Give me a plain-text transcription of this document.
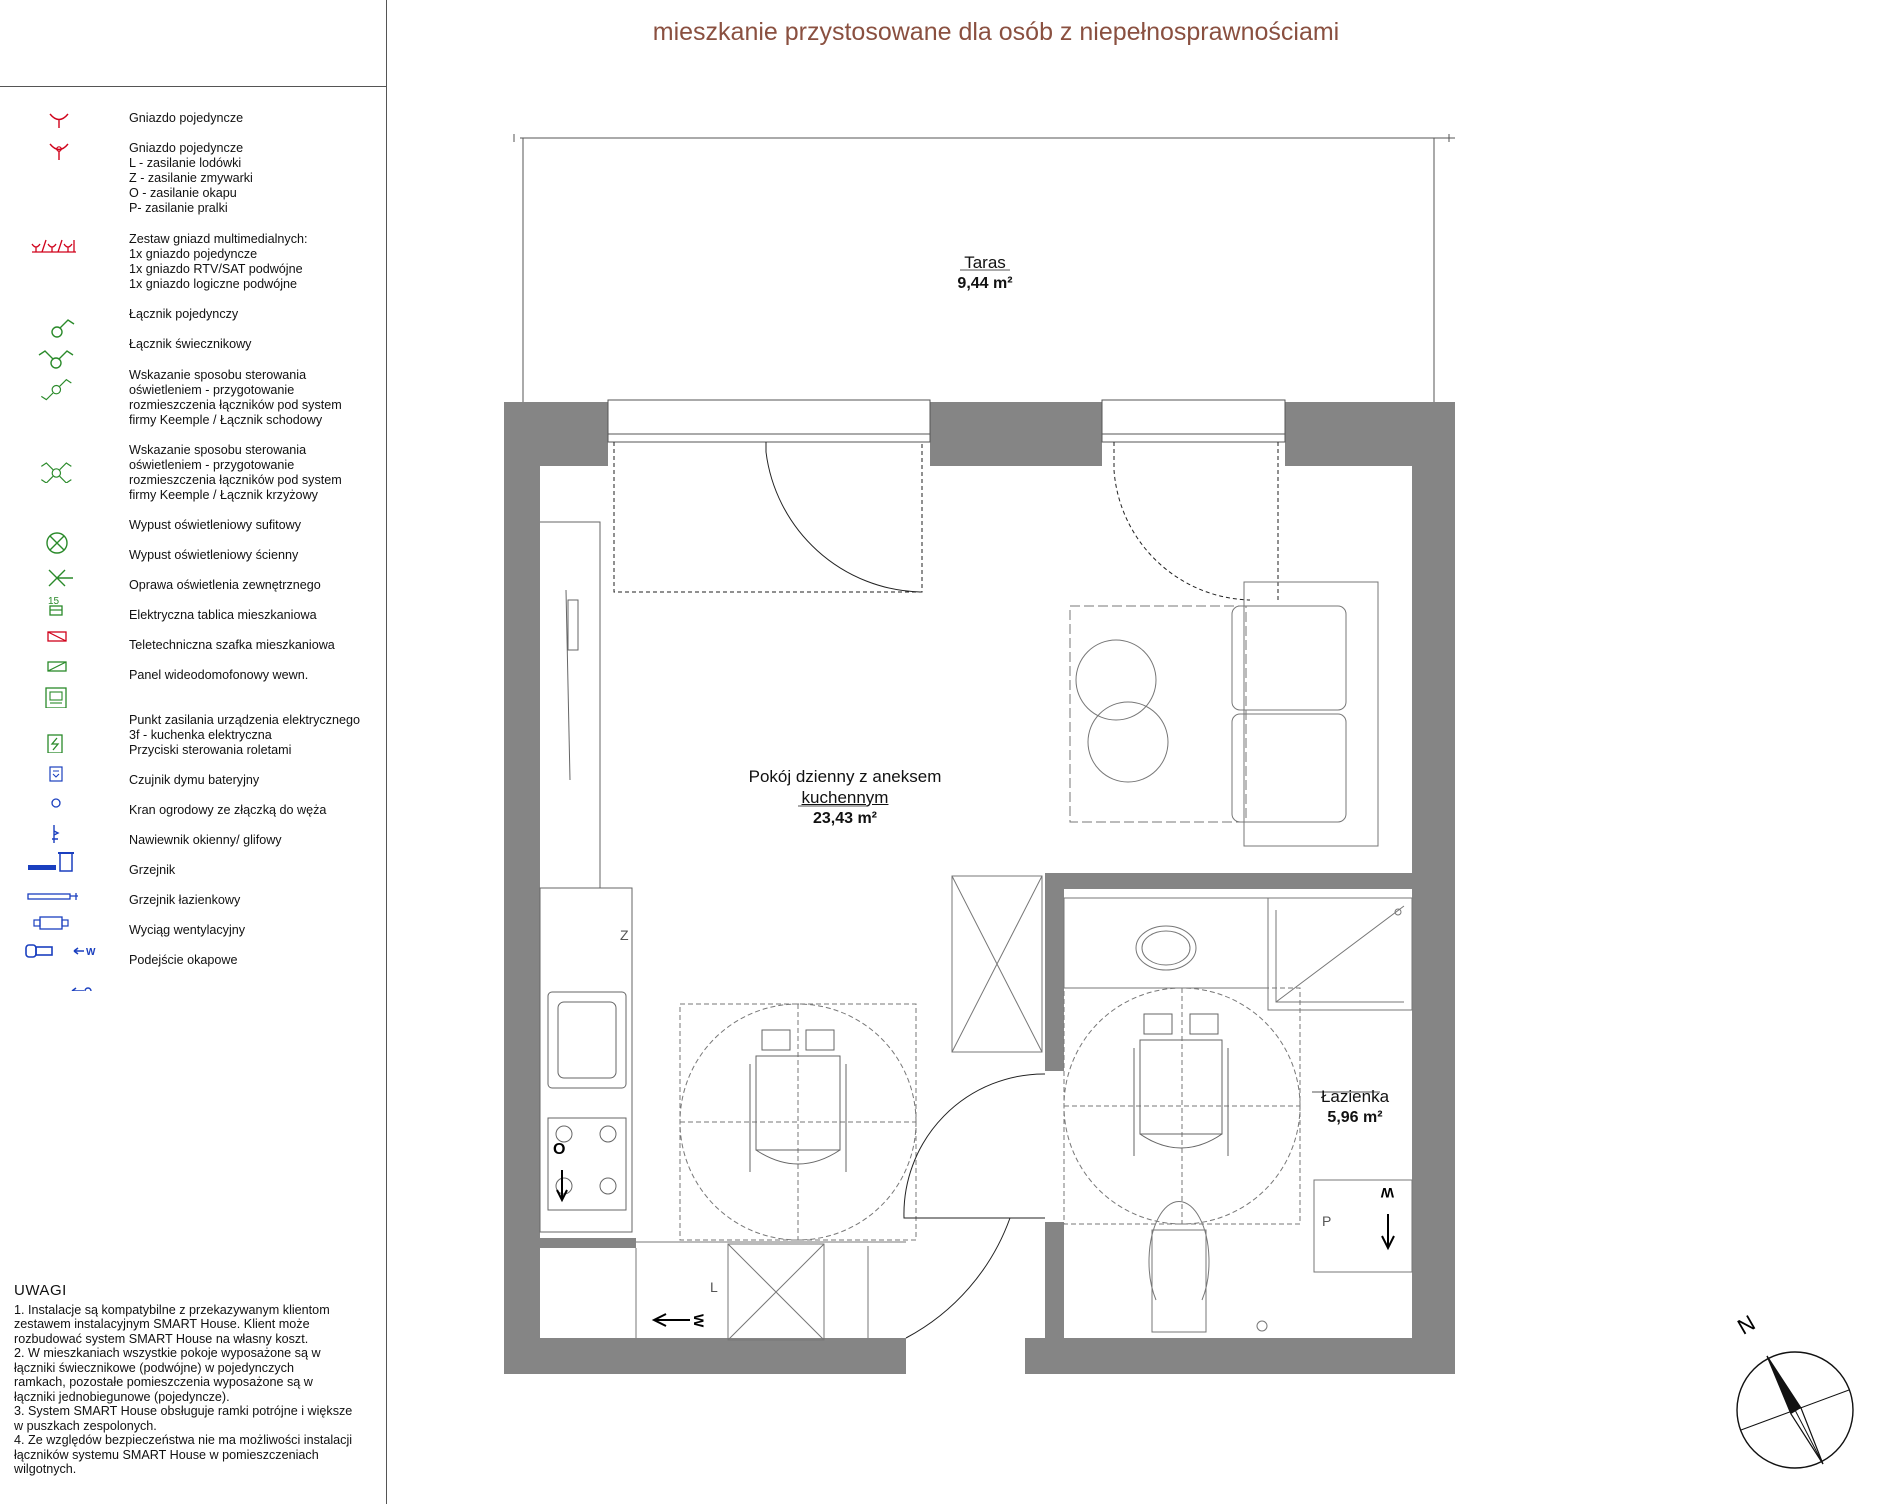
Gniazdo pojedyncze
Gniazdo pojedyncze
L - zasilanie lodówki
Z - zasilanie zmywarki
O - zasilanie okapu
P- zasilanie pralki
Zestaw gniazd multimedialnych:
1x gniazdo pojedyncze
1x gniazdo RTV/SAT podwójne
1x gniazdo logiczne podwójne
Łącznik pojedynczy
Łącznik świecznikowy
Wskazanie sposobu sterowania
oświetleniem - przygotowanie
rozmieszczenia łączników pod system
firmy Keemple / Łącznik schodowy
Wskazanie sposobu sterowania
oświetleniem - przygotowanie
rozmieszczenia łączników pod system
firmy Keemple / Łącznik krzyżowy
Wypust oświetleniowy sufitowy
Wypust oświetleniowy ścienny
15
Oprawa oświetlenia zewnętrznego
Elektryczna tablica mieszkaniowa
Teletechniczna szafka mieszkaniowa
Panel wideodomofonowy wewn.
Punkt zasilania urządzenia elektrycznego
3f - kuchenka elektryczna
Przyciski sterowania roletami
Czujnik dymu bateryjny
Kran ogrodowy ze złączką do węża
Nawiewnik okienny/ glifowy
Grzejnik
Grzejnik łazienkowy
W
Wyciąg wentylacyjny
Podejście okapowe
UWAGI
1. Instalacje są kompatybilne z przekazywanym klientom
zestawem instalacyjnym SMART House. Klient może
rozbudować system SMART House na własny koszt.
2. W mieszkaniach wszystkie pokoje wyposażone są w
łączniki świecznikowe (podwójne) w pojedynczych
ramkach, pozostałe pomieszczenia wyposażone są w
łączniki jednobiegunowe (pojedyncze).
3. System SMART House obsługuje ramki potrójne i większe
w puszkach zespolonych.
4. Ze względów bezpieczeństwa nie ma możliwości instalacji
łączników systemu SMART House w pomieszczeniach
wilgotnych.
mieszkanie przystosowane dla osób z niepełnosprawnościami
Z
O
L
W
P
W
Taras
9,44 m²
Pokój dzienny z aneksem
kuchennym
23,43 m²
Łazienka
5,96 m²
N
